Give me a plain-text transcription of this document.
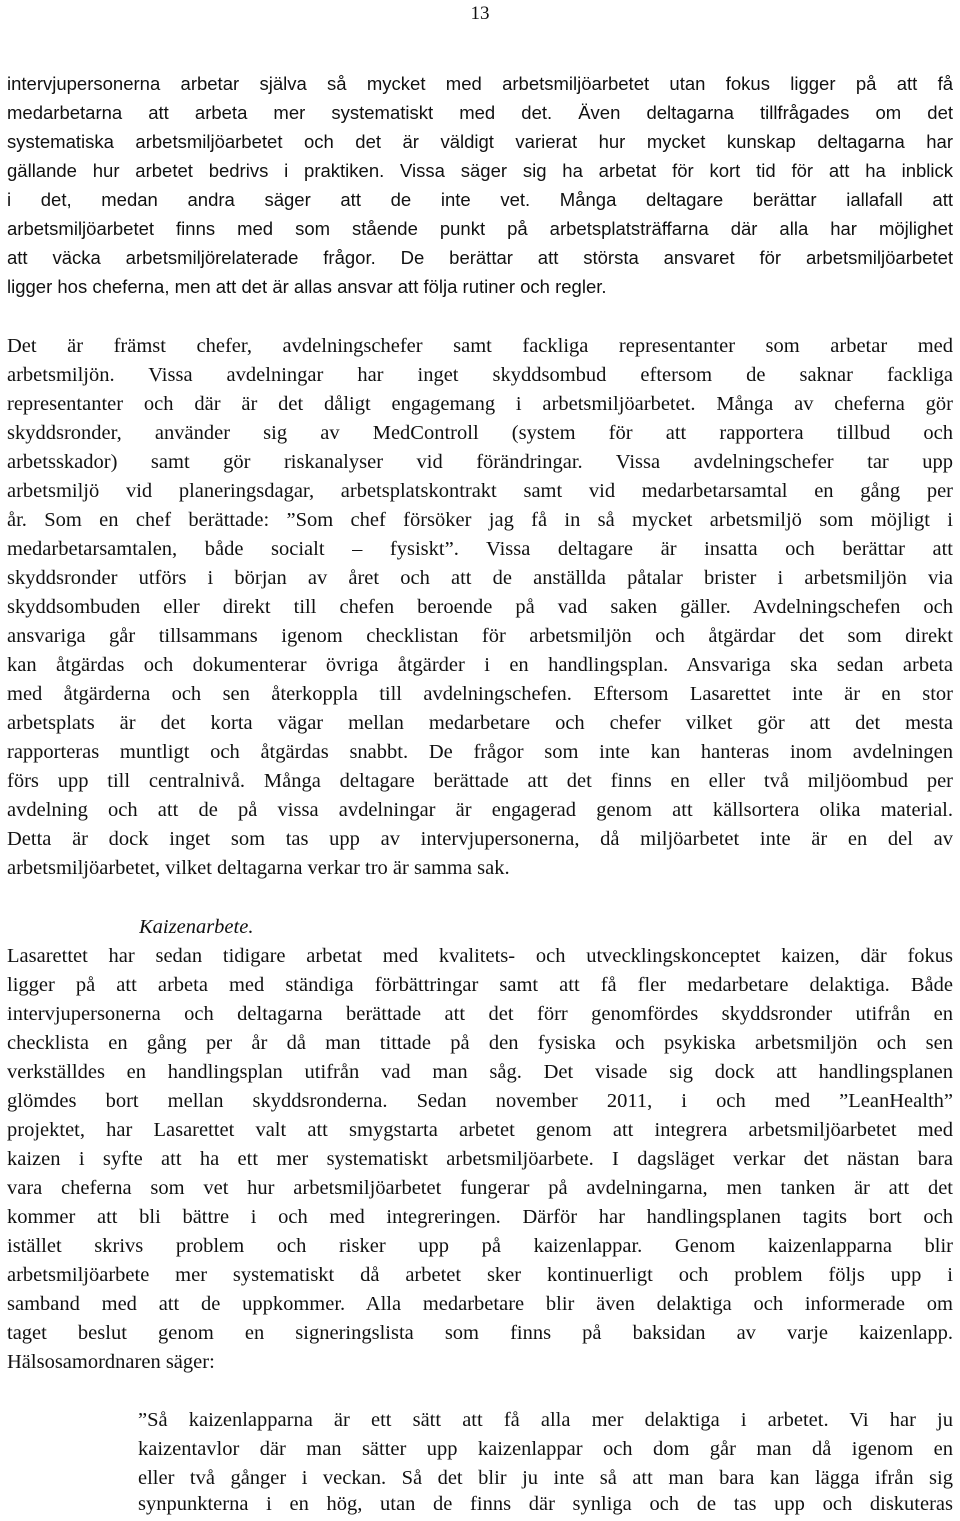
13
intervjupersonerna arbetar själva så mycket med arbetsmiljöarbetet utan fokus ligger på att få
medarbetarna att arbeta mer systematiskt med det. Även deltagarna tillfrågades om det
systematiska arbetsmiljöarbetet och det är väldigt varierat hur mycket kunskap deltagarna har
gällande hur arbetet bedrivs i praktiken. Vissa säger sig ha arbetat för kort tid för att ha inblick
i det, medan andra säger att de inte vet. Många deltagare berättar iallafall att
arbetsmiljöarbetet finns med som stående punkt på arbetsplatsträffarna där alla har möjlighet
att väcka arbetsmiljörelaterade frågor. De berättar att största ansvaret för arbetsmiljöarbetet
ligger hos cheferna, men att det är allas ansvar att följa rutiner och regler.
Det är främst chefer, avdelningschefer samt fackliga representanter som arbetar med
arbetsmiljön. Vissa avdelningar har inget skyddsombud eftersom de saknar fackliga
representanter och där är det dåligt engagemang i arbetsmiljöarbetet. Många av cheferna gör
skyddsronder, använder sig av MedControll (system för att rapportera tillbud och
arbetsskador) samt gör riskanalyser vid förändringar. Vissa avdelningschefer tar upp
arbetsmiljö vid planeringsdagar, arbetsplatskontrakt samt vid medarbetarsamtal en gång per
år. Som en chef berättade: ”Som chef försöker jag få in så mycket arbetsmiljö som möjligt i
medarbetarsamtalen, både socialt – fysiskt”. Vissa deltagare är insatta och berättar att
skyddsronder utförs i början av året och att de anställda påtalar brister i arbetsmiljön via
skyddsombuden eller direkt till chefen beroende på vad saken gäller. Avdelningschefen och
ansvariga går tillsammans igenom checklistan för arbetsmiljön och åtgärdar det som direkt
kan åtgärdas och dokumenterar övriga åtgärder i en handlingsplan. Ansvariga ska sedan arbeta
med åtgärderna och sen återkoppla till avdelningschefen. Eftersom Lasarettet inte är en stor
arbetsplats är det korta vägar mellan medarbetare och chefer vilket gör att det mesta
rapporteras muntligt och åtgärdas snabbt. De frågor som inte kan hanteras inom avdelningen
förs upp till centralnivå. Många deltagare berättade att det finns en eller två miljöombud per
avdelning och att de på vissa avdelningar är engagerad genom att källsortera olika material.
Detta är dock inget som tas upp av intervjupersonerna, då miljöarbetet inte är en del av
arbetsmiljöarbetet, vilket deltagarna verkar tro är samma sak.
Kaizenarbete.
Lasarettet har sedan tidigare arbetat med kvalitets- och utvecklingskonceptet kaizen, där fokus
ligger på att arbeta med ständiga förbättringar samt att få fler medarbetare delaktiga. Både
intervjupersonerna och deltagarna berättade att det förr genomfördes skyddsronder utifrån en
checklista en gång per år då man tittade på den fysiska och psykiska arbetsmiljön och sen
verkställdes en handlingsplan utifrån vad man såg. Det visade sig dock att handlingsplanen
glömdes bort mellan skyddsronderna. Sedan november 2011, i och med ”LeanHealth”
projektet, har Lasarettet valt att smygstarta arbetet genom att integrera arbetsmiljöarbetet med
kaizen i syfte att ha ett mer systematiskt arbetsmiljöarbete. I dagsläget verkar det nästan bara
vara cheferna som vet hur arbetsmiljöarbetet fungerar på avdelningarna, men tanken är att det
kommer att bli bättre i och med integreringen. Därför har handlingsplanen tagits bort och
istället skrivs problem och risker upp på kaizenlappar. Genom kaizenlapparna blir
arbetsmiljöarbete mer systematiskt då arbetet sker kontinuerligt och problem följs upp i
samband med att de uppkommer. Alla medarbetare blir även delaktiga och informerade om
taget beslut genom en signeringslista som finns på baksidan av varje kaizenlapp.
Hälsosamordnaren säger:
”Så kaizenlapparna är ett sätt att få alla mer delaktiga i arbetet. Vi har ju
kaizentavlor där man sätter upp kaizenlappar och dom går man då igenom en
eller två gånger i veckan. Så det blir ju inte så att man bara kan lägga ifrån sig
synpunkterna i en hög, utan de finns där synliga och de tas upp och diskuteras
